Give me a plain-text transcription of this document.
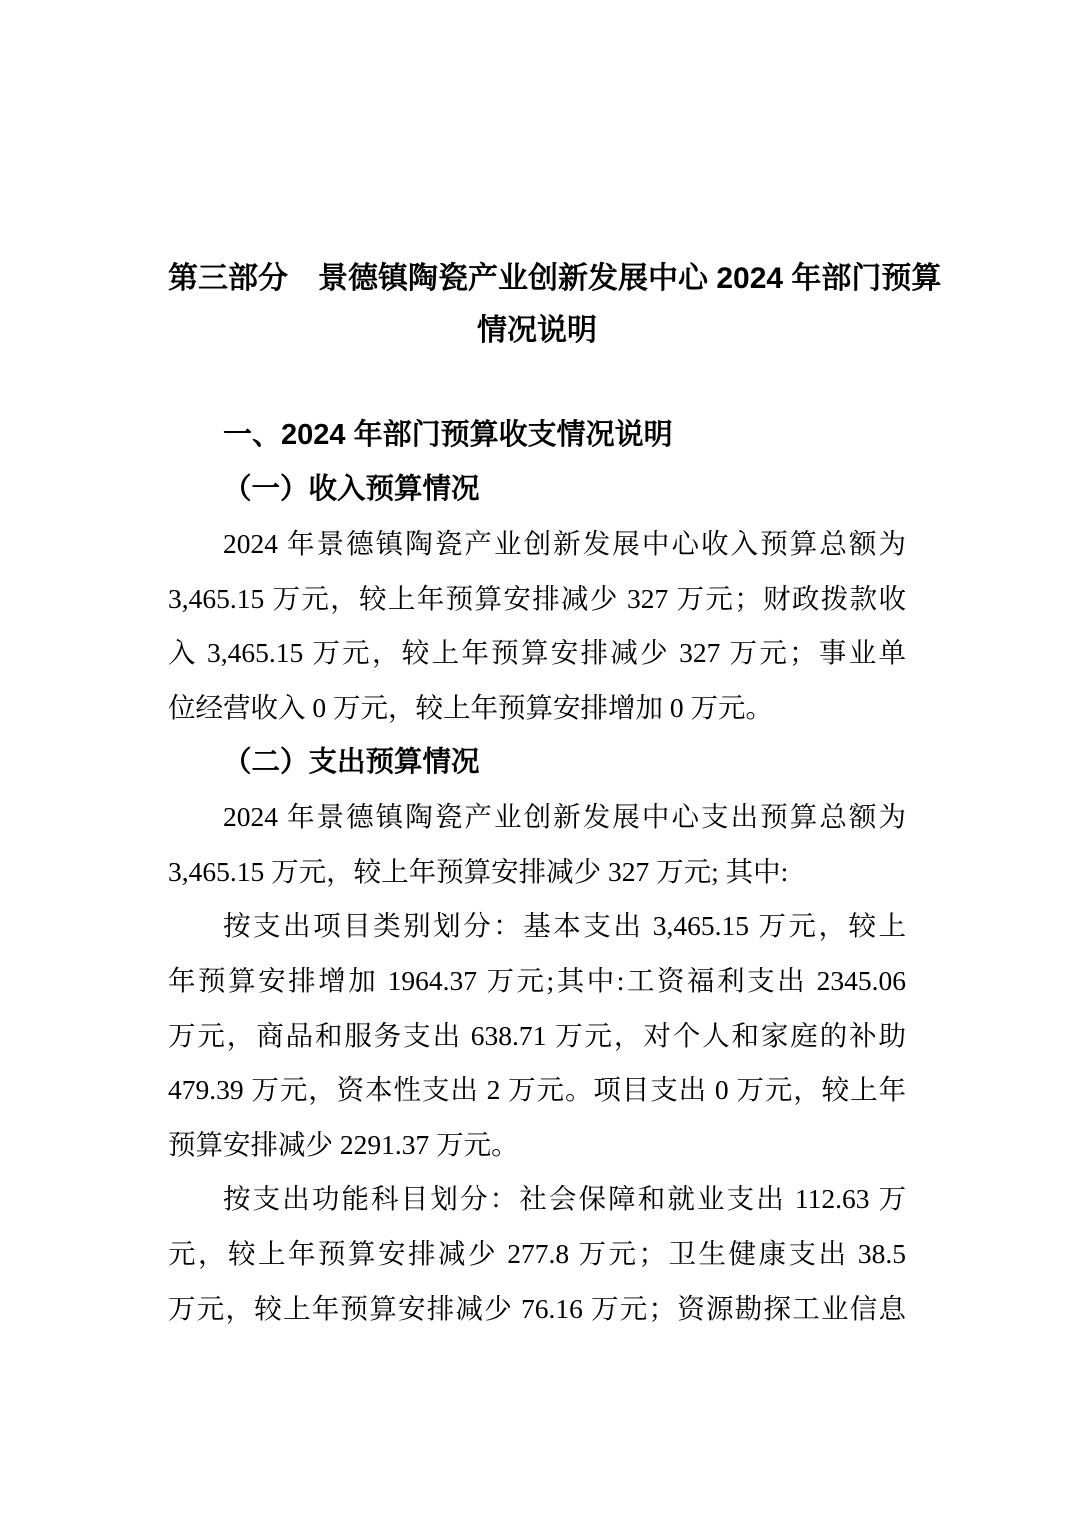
第三部分　景德镇陶瓷产业创新发展中心 2024 年部门预算
情况说明
一、2024 年部门预算收支情况说明
（一）收入预算情况
2024 年景德镇陶瓷产业创新发展中心收入预算总额为
3,465.15 万元，较上年预算安排减少 327 万元；财政拨款收
入 3,465.15 万元，较上年预算安排减少 327 万元；事业单
位经营收入 0 万元，较上年预算安排增加 0 万元。
（二）支出预算情况
2024 年景德镇陶瓷产业创新发展中心支出预算总额为
3,465.15 万元，较上年预算安排减少 327 万元; 其中:
按支出项目类别划分：基本支出 3,465.15 万元，较上
年预算安排增加 1964.37 万元;其中:工资福利支出 2345.06
万元，商品和服务支出 638.71 万元，对个人和家庭的补助
479.39 万元，资本性支出 2 万元。项目支出 0 万元，较上年
预算安排减少 2291.37 万元。
按支出功能科目划分：社会保障和就业支出 112.63 万
元，较上年预算安排减少 277.8 万元；卫生健康支出 38.5
万元，较上年预算安排减少 76.16 万元；资源勘探工业信息
